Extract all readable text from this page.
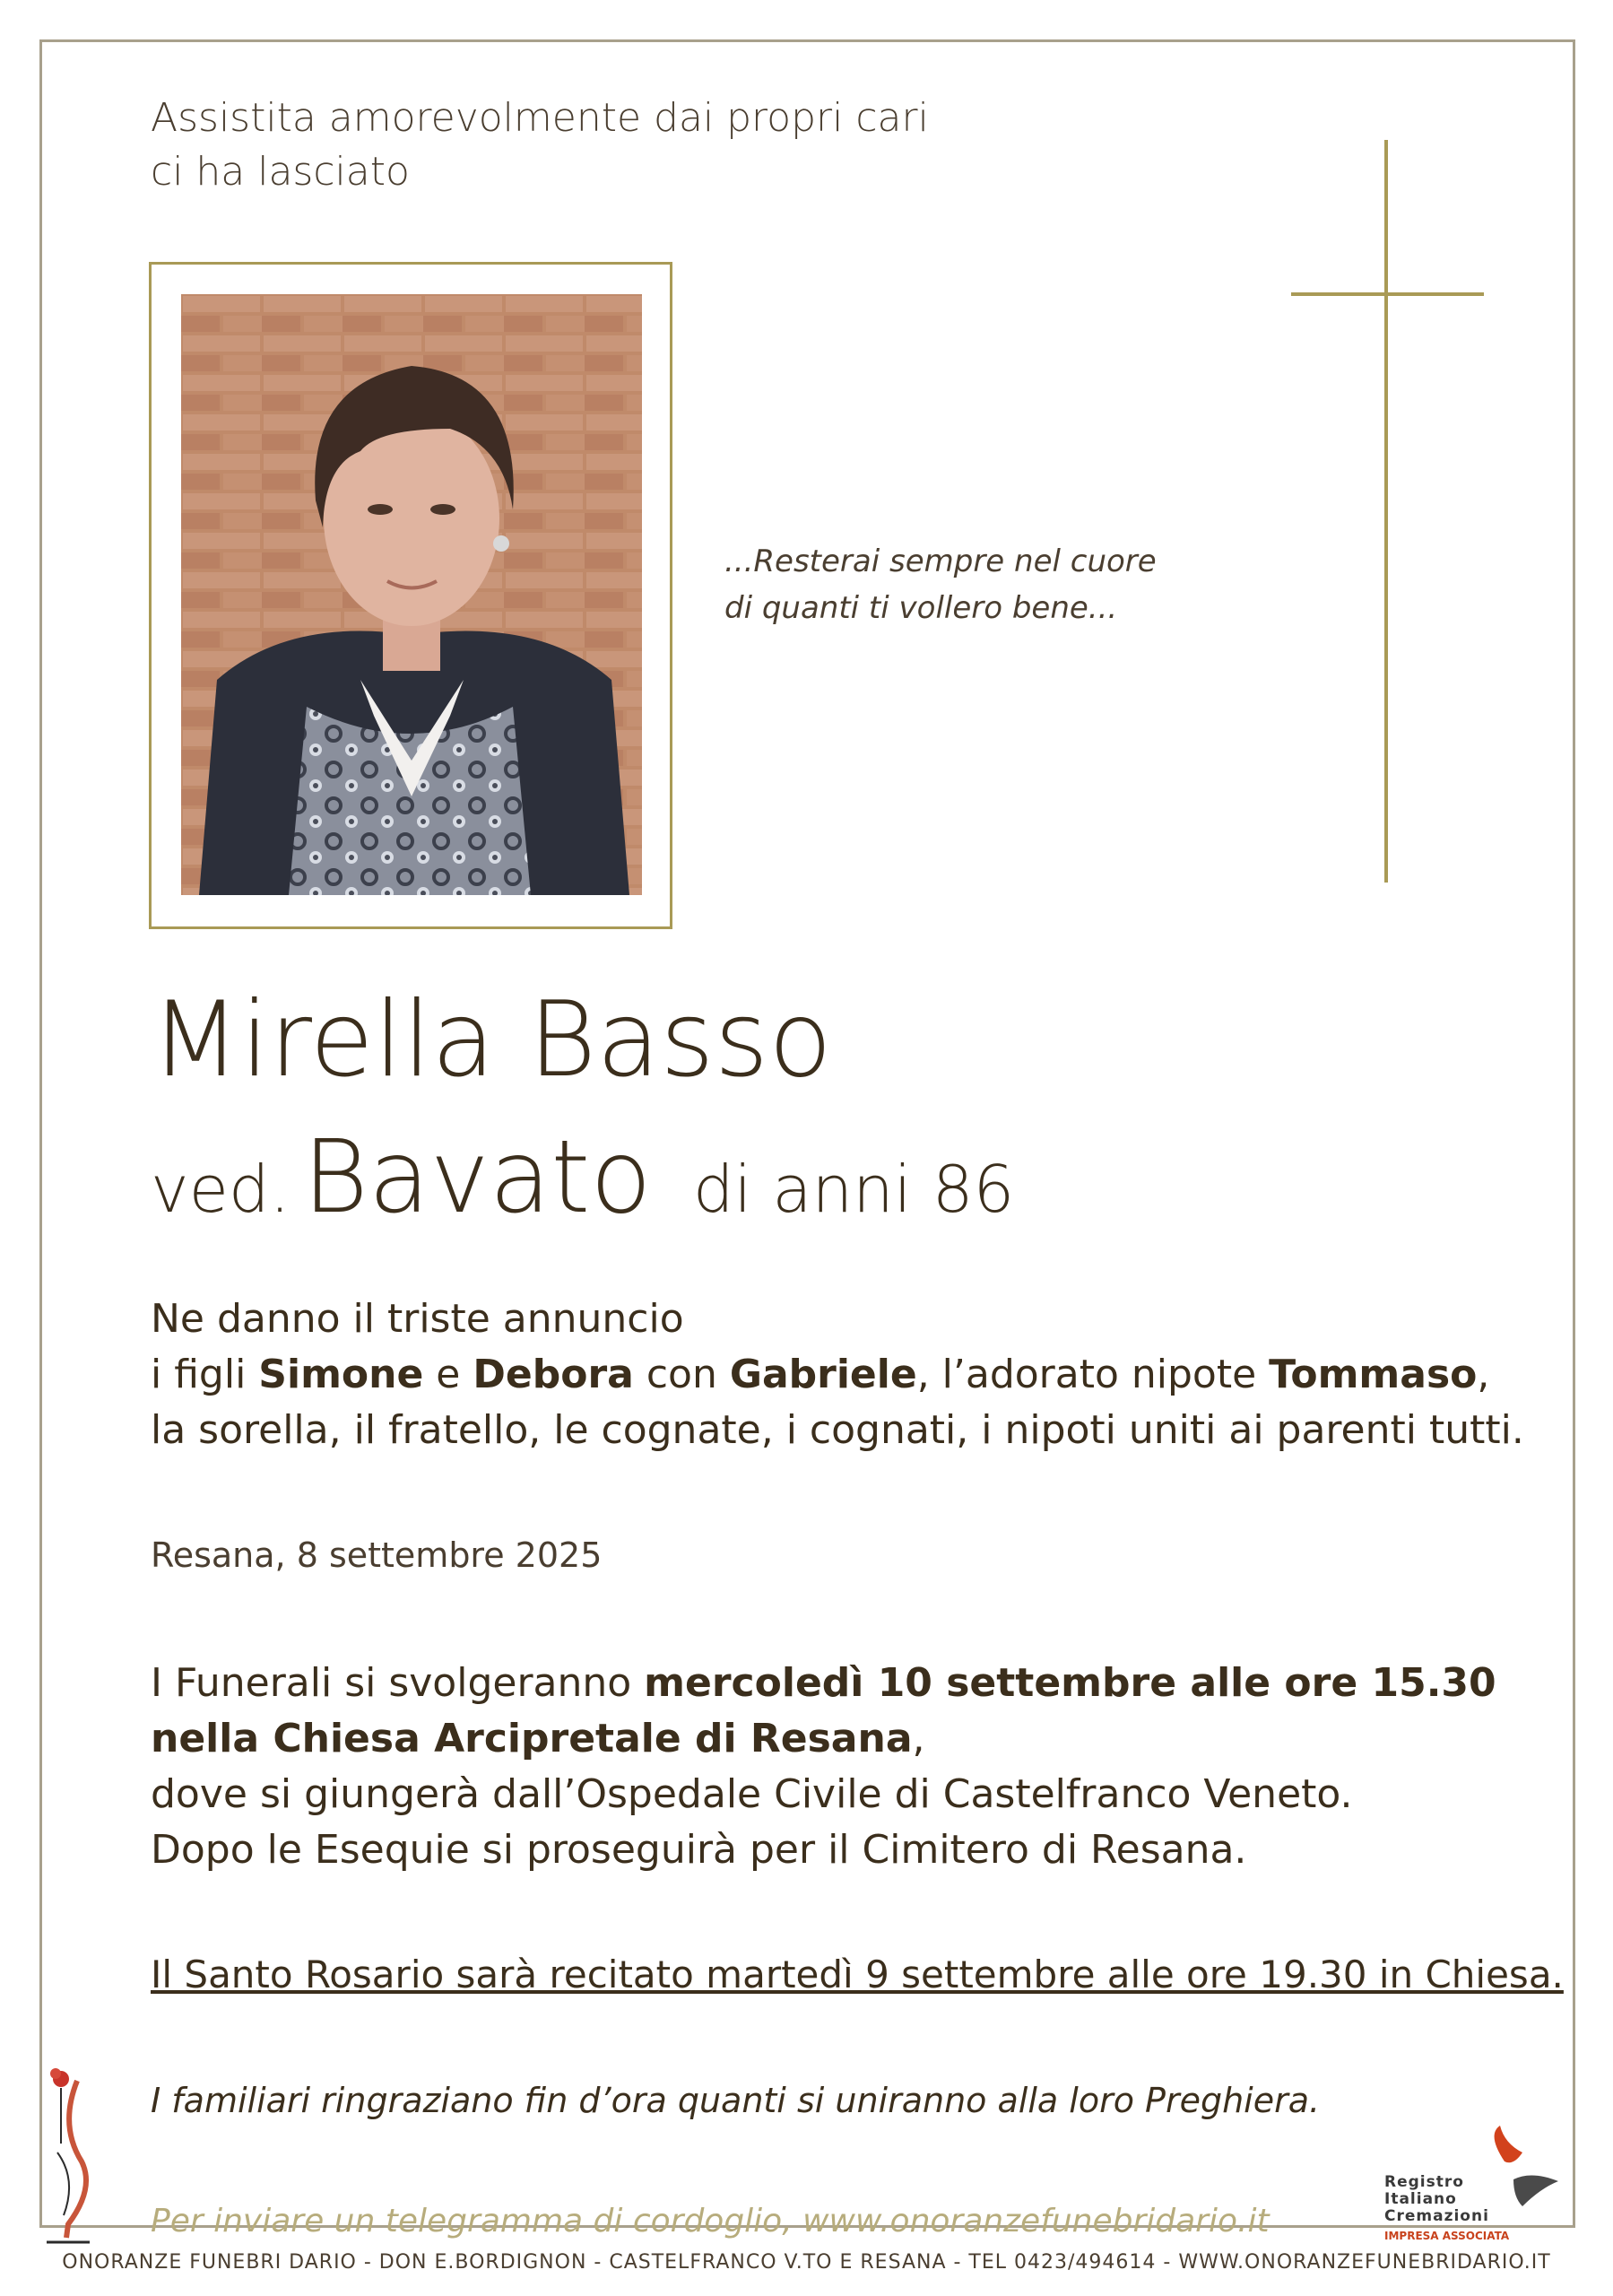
Assistita amorevolmente dai propri cari
ci ha lasciato
...Resterai sempre nel cuore
di quanti ti vollero bene...
Mirella Basso
ved. Bavato di anni 86
Ne danno il triste annuncio
i figli Simone e Debora con Gabriele, l’adorato nipote Tommaso,
la sorella, il fratello, le cognate, i cognati, i nipoti uniti ai parenti tutti.
Resana, 8 settembre 2025
I Funerali si svolgeranno mercoledì 10 settembre alle ore 15.30
nella Chiesa Arcipretale di Resana,
dove si giungerà dall’Ospedale Civile di Castelfranco Veneto.
Dopo le Esequie si proseguirà per il Cimitero di Resana.
Il Santo Rosario sarà recitato martedì 9 settembre alle ore 19.30 in Chiesa.
I familiari ringraziano fin d’ora quanti si uniranno alla loro Preghiera.
Per inviare un telegramma di cordoglio, www.onoranzefunebridario.it
Registro
Italiano
Cremazioni
IMPRESA ASSOCIATA
ONORANZE FUNEBRI DARIO - DON E.BORDIGNON - CASTELFRANCO V.TO E RESANA - TEL 0423/494614 - WWW.ONORANZEFUNEBRIDARIO.IT
